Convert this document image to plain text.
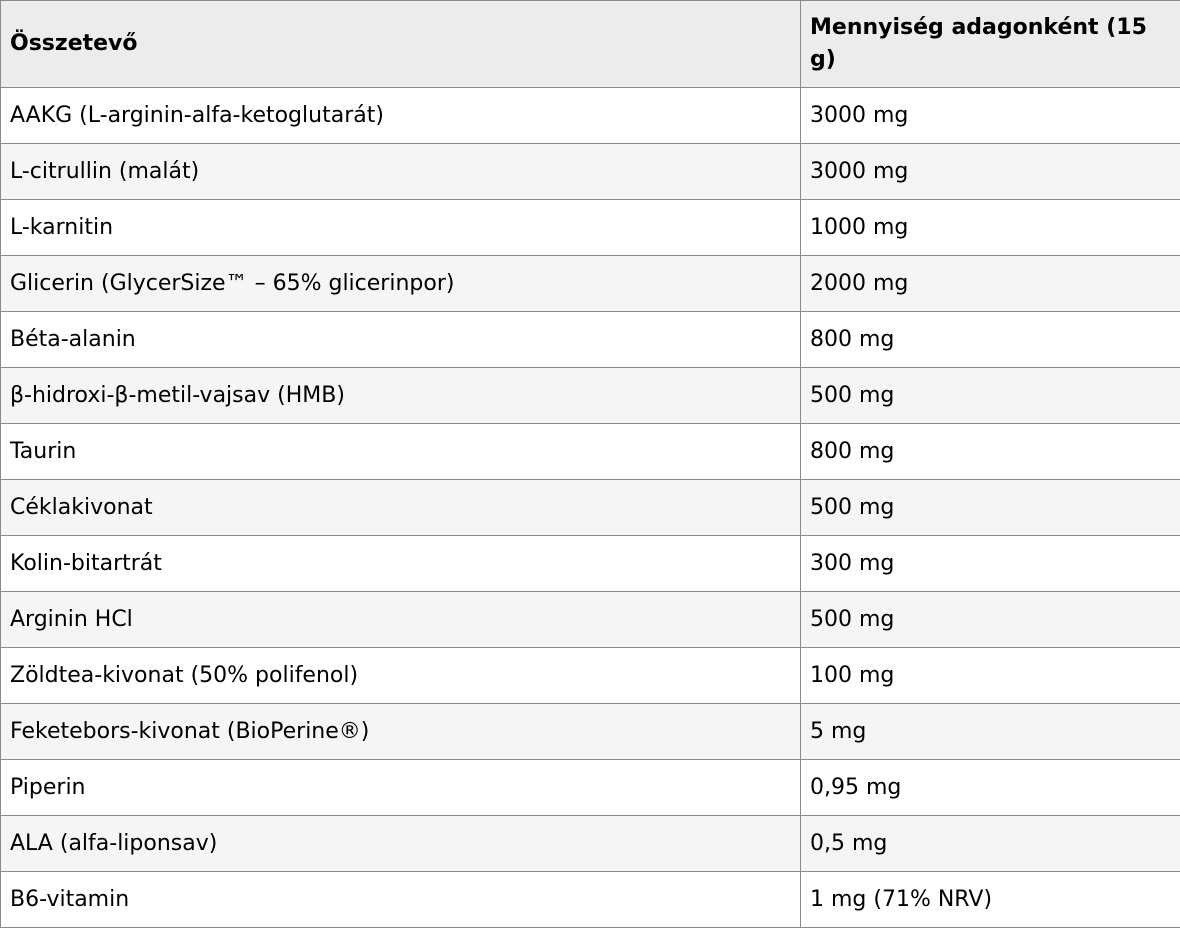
Összetevő	Mennyiség adagonként (15 g)
AAKG (L-arginin-alfa-ketoglutarát)	3000 mg
L-citrullin (malát)	3000 mg
L-karnitin	1000 mg
Glicerin (GlycerSize™ – 65% glicerinpor)	2000 mg
Béta-alanin	800 mg
β-hidroxi-β-metil-vajsav (HMB)	500 mg
Taurin	800 mg
Céklakivonat	500 mg
Kolin-bitartrát	300 mg
Arginin HCl	500 mg
Zöldtea-kivonat (50% polifenol)	100 mg
Feketebors-kivonat (BioPerine®)	5 mg
Piperin	0,95 mg
ALA (alfa-liponsav)	0,5 mg
B6-vitamin	1 mg (71% NRV)
